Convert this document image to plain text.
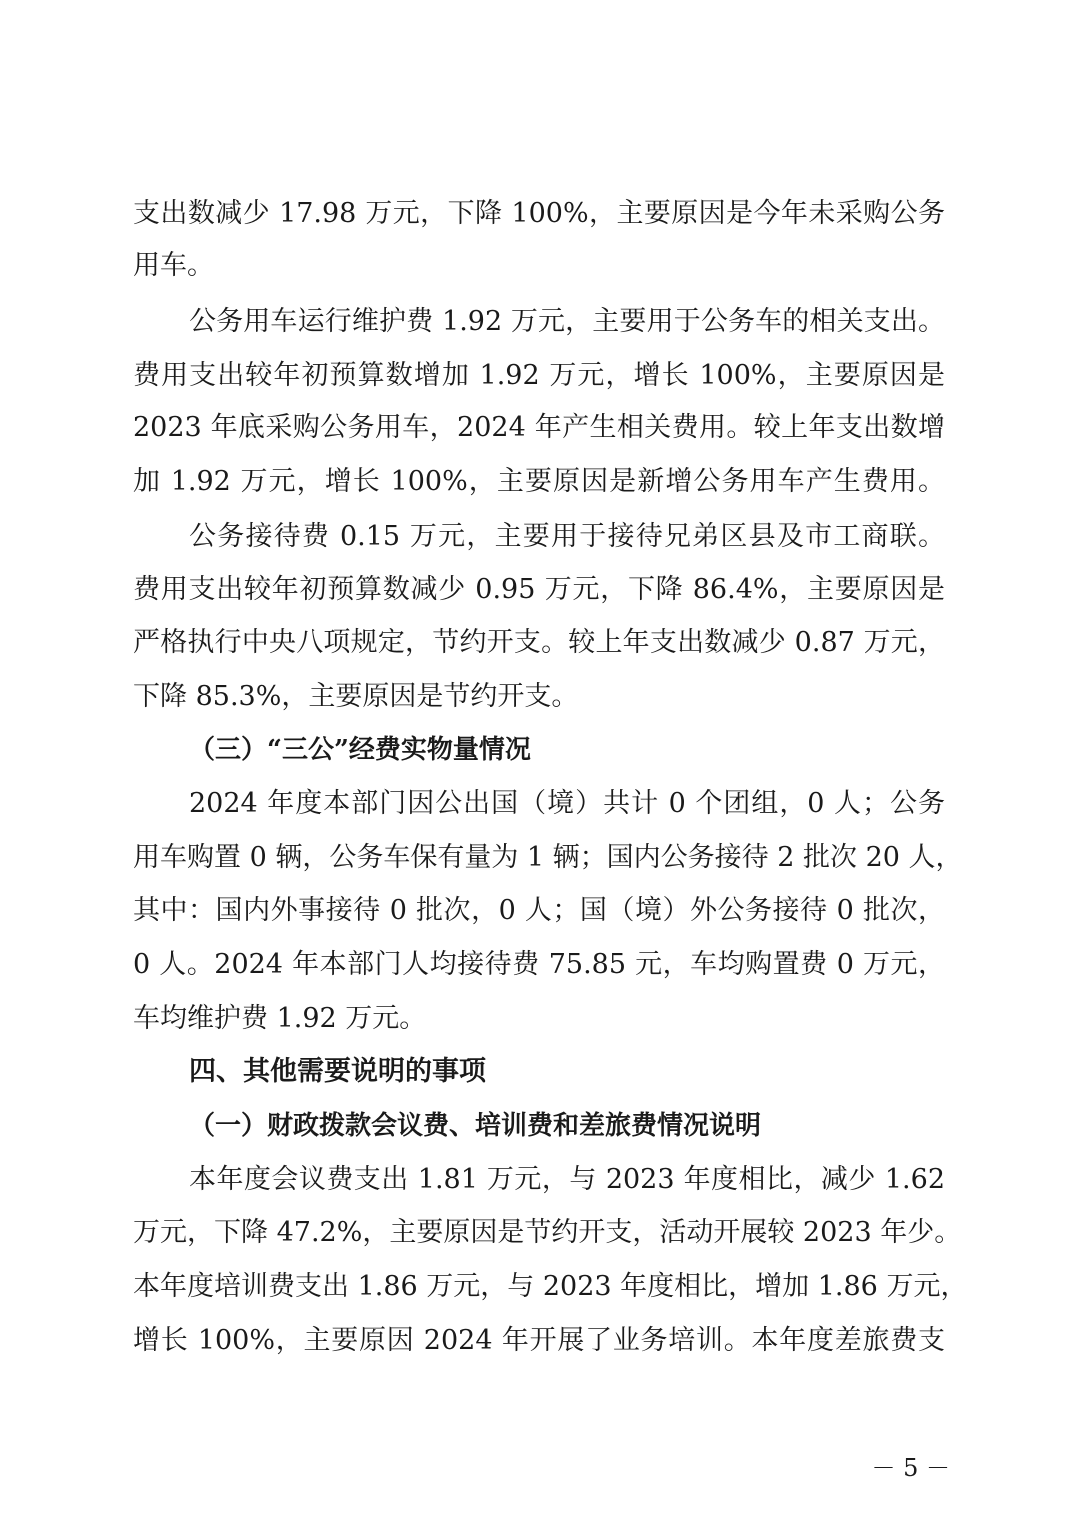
支出数减少 17.98 万元，下降 100%，主要原因是今年未采购公务
用车。
公务用车运行维护费 1.92 万元，主要用于公务车的相关支出。
费用支出较年初预算数增加 1.92 万元，增长 100%，主要原因是
2023 年底采购公务用车，2024 年产生相关费用。较上年支出数增
加 1.92 万元，增长 100%，主要原因是新增公务用车产生费用。
公务接待费 0.15 万元，主要用于接待兄弟区县及市工商联。
费用支出较年初预算数减少 0.95 万元，下降 86.4%，主要原因是
严格执行中央八项规定，节约开支。较上年支出数减少 0.87 万元，
下降 85.3%，主要原因是节约开支。
（三）“三公”经费实物量情况
2024 年度本部门因公出国（境）共计 0 个团组，0 人；公务
用车购置 0 辆，公务车保有量为 1 辆；国内公务接待 2 批次 20 人，
其中：国内外事接待 0 批次，0 人；国（境）外公务接待 0 批次，
0 人。2024 年本部门人均接待费 75.85 元，车均购置费 0 万元，
车均维护费 1.92 万元。
四、其他需要说明的事项
（一）财政拨款会议费、培训费和差旅费情况说明
本年度会议费支出 1.81 万元，与 2023 年度相比，减少 1.62
万元，下降 47.2%，主要原因是节约开支，活动开展较 2023 年少。
本年度培训费支出 1.86 万元，与 2023 年度相比，增加 1.86 万元，
增长 100%，主要原因 2024 年开展了业务培训。本年度差旅费支
－ 5 －
